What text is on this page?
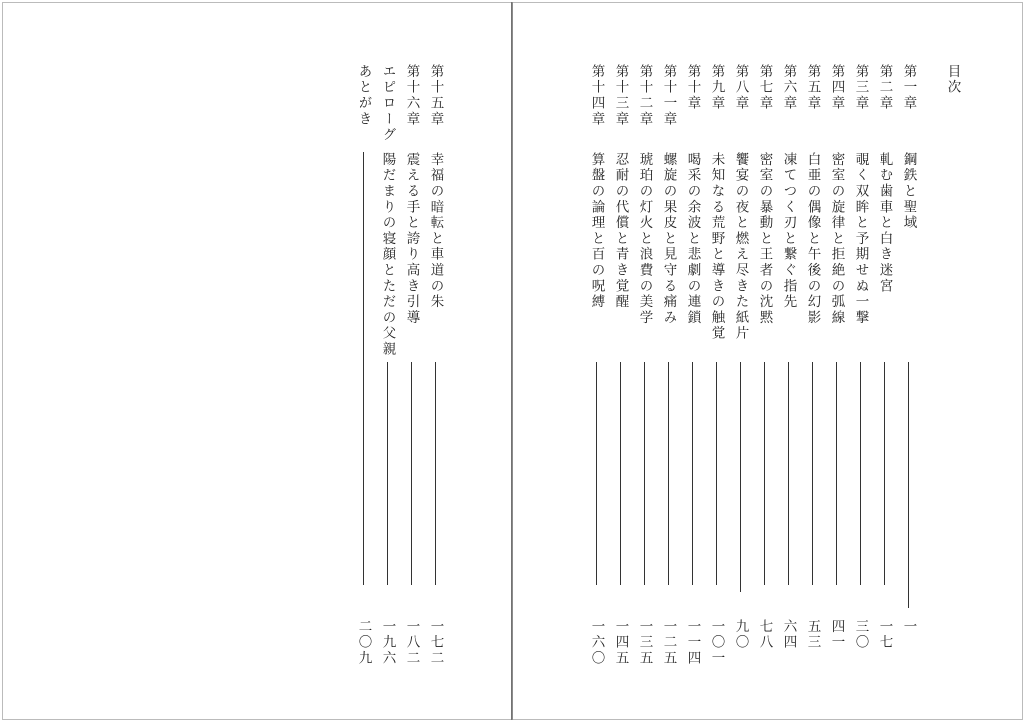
目次
第一章
鋼鉄と聖域
一
第二章
軋む歯車と白き迷宮
一七
第三章
覗く双眸と予期せぬ一撃
三〇
第四章
密室の旋律と拒絶の弧線
四一
第五章
白亜の偶像と午後の幻影
五三
第六章
凍てつく刃と繋ぐ指先
六四
第七章
密室の暴動と王者の沈黙
七八
第八章
饗宴の夜と燃え尽きた紙片
九〇
第九章
未知なる荒野と導きの触覚
一〇一
第十章
喝采の余波と悲劇の連鎖
一一四
第十一章
螺旋の果皮と見守る痛み
一二五
第十二章
琥珀の灯火と浪費の美学
一三五
第十三章
忍耐の代償と青き覚醒
一四五
第十四章
算盤の論理と百の呪縛
一六〇
第十五章
幸福の暗転と車道の朱
一七二
第十六章
震える手と誇り高き引導
一八二
エピローグ
陽だまりの寝顔とただの父親
一九六
あとがき
二〇九
